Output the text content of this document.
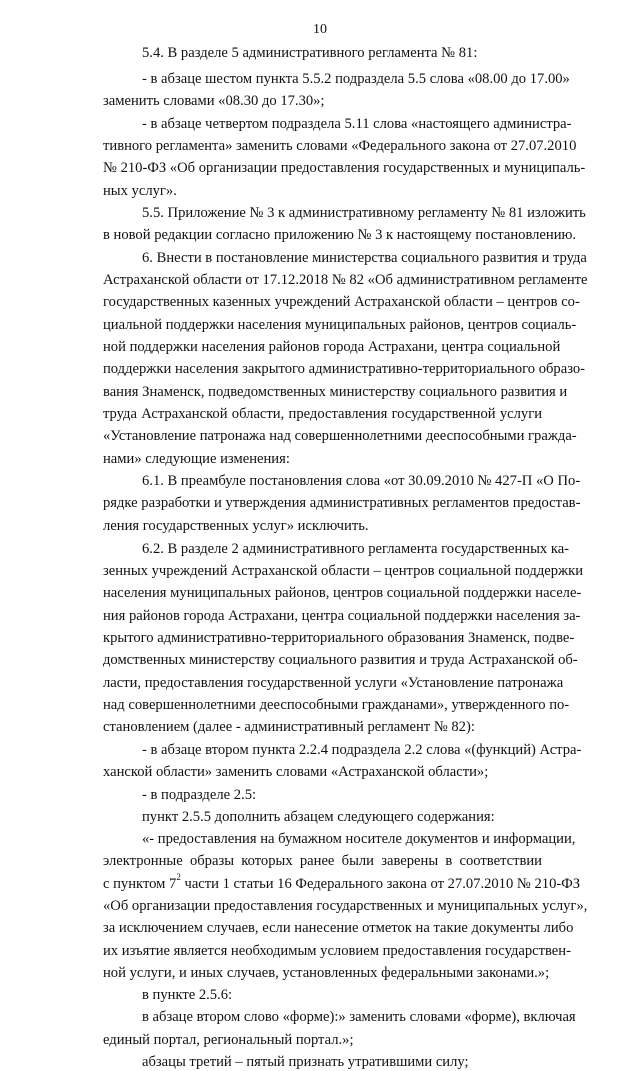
10
5.4. В разделе 5 административного регламента № 81:
- в абзаце шестом пункта 5.5.2 подраздела 5.5 слова «08.00 до 17.00»
заменить словами «08.30 до 17.30»;
- в абзаце четвертом подраздела 5.11 слова «настоящего администра-
тивного регламента» заменить словами «Федерального закона от 27.07.2010
№ 210-ФЗ «Об организации предоставления государственных и муниципаль-
ных услуг».
5.5. Приложение № 3 к административному регламенту № 81 изложить
в новой редакции согласно приложению № 3 к настоящему постановлению.
6. Внести в постановление министерства социального развития и труда
Астраханской области от 17.12.2018 № 82 «Об административном регламенте
государственных казенных учреждений Астраханской области – центров со-
циальной поддержки населения муниципальных районов, центров социаль-
ной поддержки населения районов города Астрахани, центра социальной
поддержки населения закрытого административно-территориального образо-
вания Знаменск, подведомственных министерству социального развития и
труда Астраханской области, предоставления государственной услуги
«Установление патронажа над совершеннолетними дееспособными гражда-
нами» следующие изменения:
6.1. В преамбуле постановления слова «от 30.09.2010 № 427-П «О По-
рядке разработки и утверждения административных регламентов предостав-
ления государственных услуг» исключить.
6.2. В разделе 2 административного регламента государственных ка-
зенных учреждений Астраханской области – центров социальной поддержки
населения муниципальных районов, центров социальной поддержки населе-
ния районов города Астрахани, центра социальной поддержки населения за-
крытого административно-территориального образования Знаменск, подве-
домственных министерству социального развития и труда Астраханской об-
ласти, предоставления государственной услуги «Установление патронажа
над совершеннолетними дееспособными гражданами», утвержденного по-
становлением (далее - административный регламент № 82):
- в абзаце втором пункта 2.2.4 подраздела 2.2 слова «(функций) Астра-
ханской области» заменить словами «Астраханской области»;
- в подразделе 2.5:
пункт 2.5.5 дополнить абзацем следующего содержания:
«- предоставления на бумажном носителе документов и информации,
электронные образы которых ранее были заверены в соответствии
с пунктом $7^2$ части 1 статьи 16 Федерального закона от 27.07.2010 № 210-ФЗ
«Об организации предоставления государственных и муниципальных услуг»,
за исключением случаев, если нанесение отметок на такие документы либо
их изъятие является необходимым условием предоставления государствен-
ной услуги, и иных случаев, установленных федеральными законами.»;
в пункте 2.5.6:
в абзаце втором слово «форме):» заменить словами «форме), включая
единый портал, региональный портал.»;
абзацы третий – пятый признать утратившими силу;
